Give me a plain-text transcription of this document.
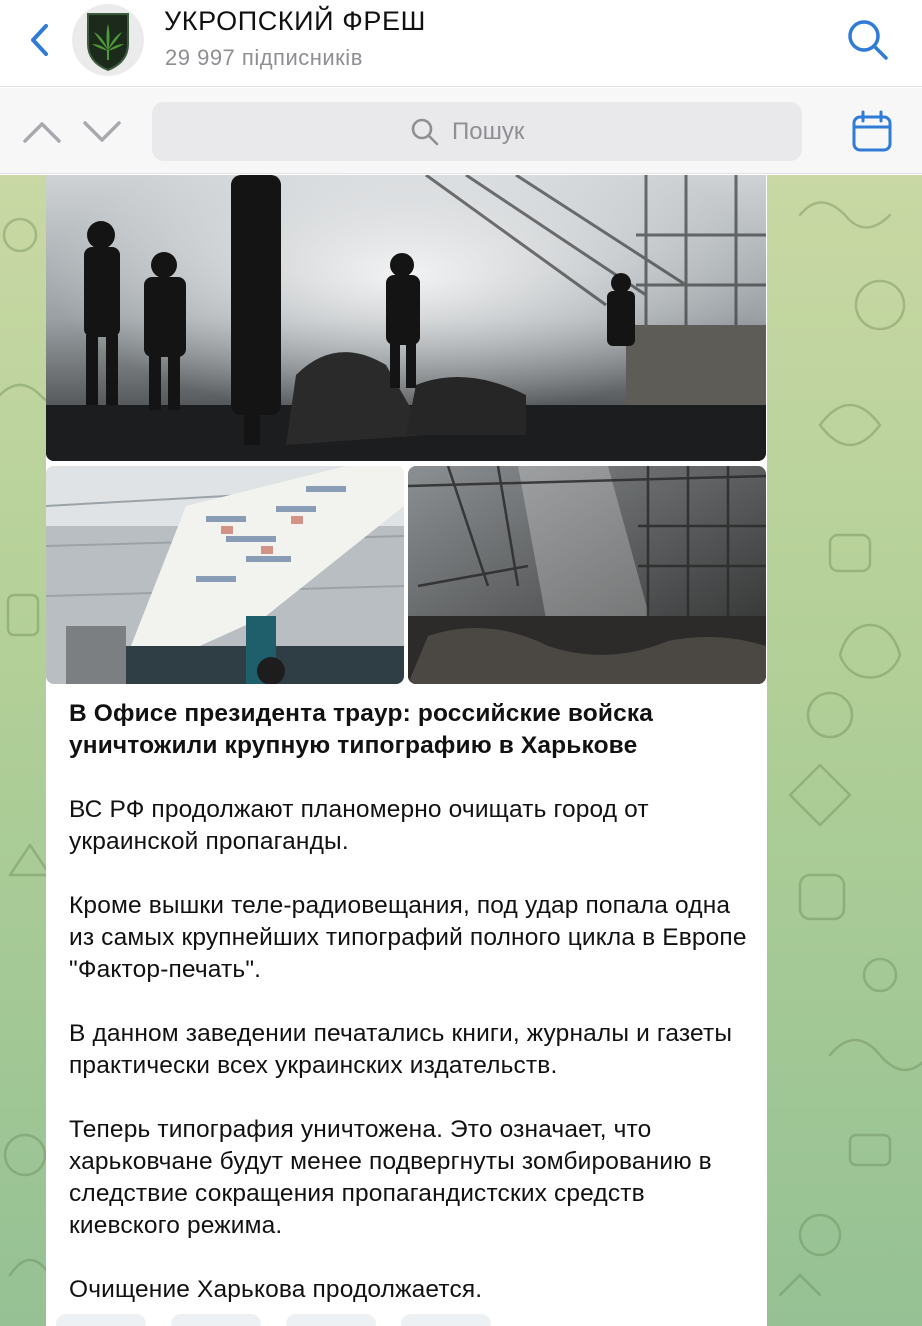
УКРОПСКИЙ ФРЕШ
29 997 підписників
Пошук
В Офисе президента траур: российские войска уничтожили крупную типографию в Харькове

ВС РФ продолжают планомерно очищать город от украинской пропаганды.

Кроме вышки теле-радиовещания, под удар попала одна из самых крупнейших типографий полного цикла в Европе "Фактор-печать".

В данном заведении печатались книги, журналы и газеты практически всех украинских издательств.

Теперь типография уничтожена. Это означает, что харьковчане будут менее подвергнуты зомбированию в следствие сокращения пропагандистских средств киевского режима.

Очищение Харькова продолжается.
